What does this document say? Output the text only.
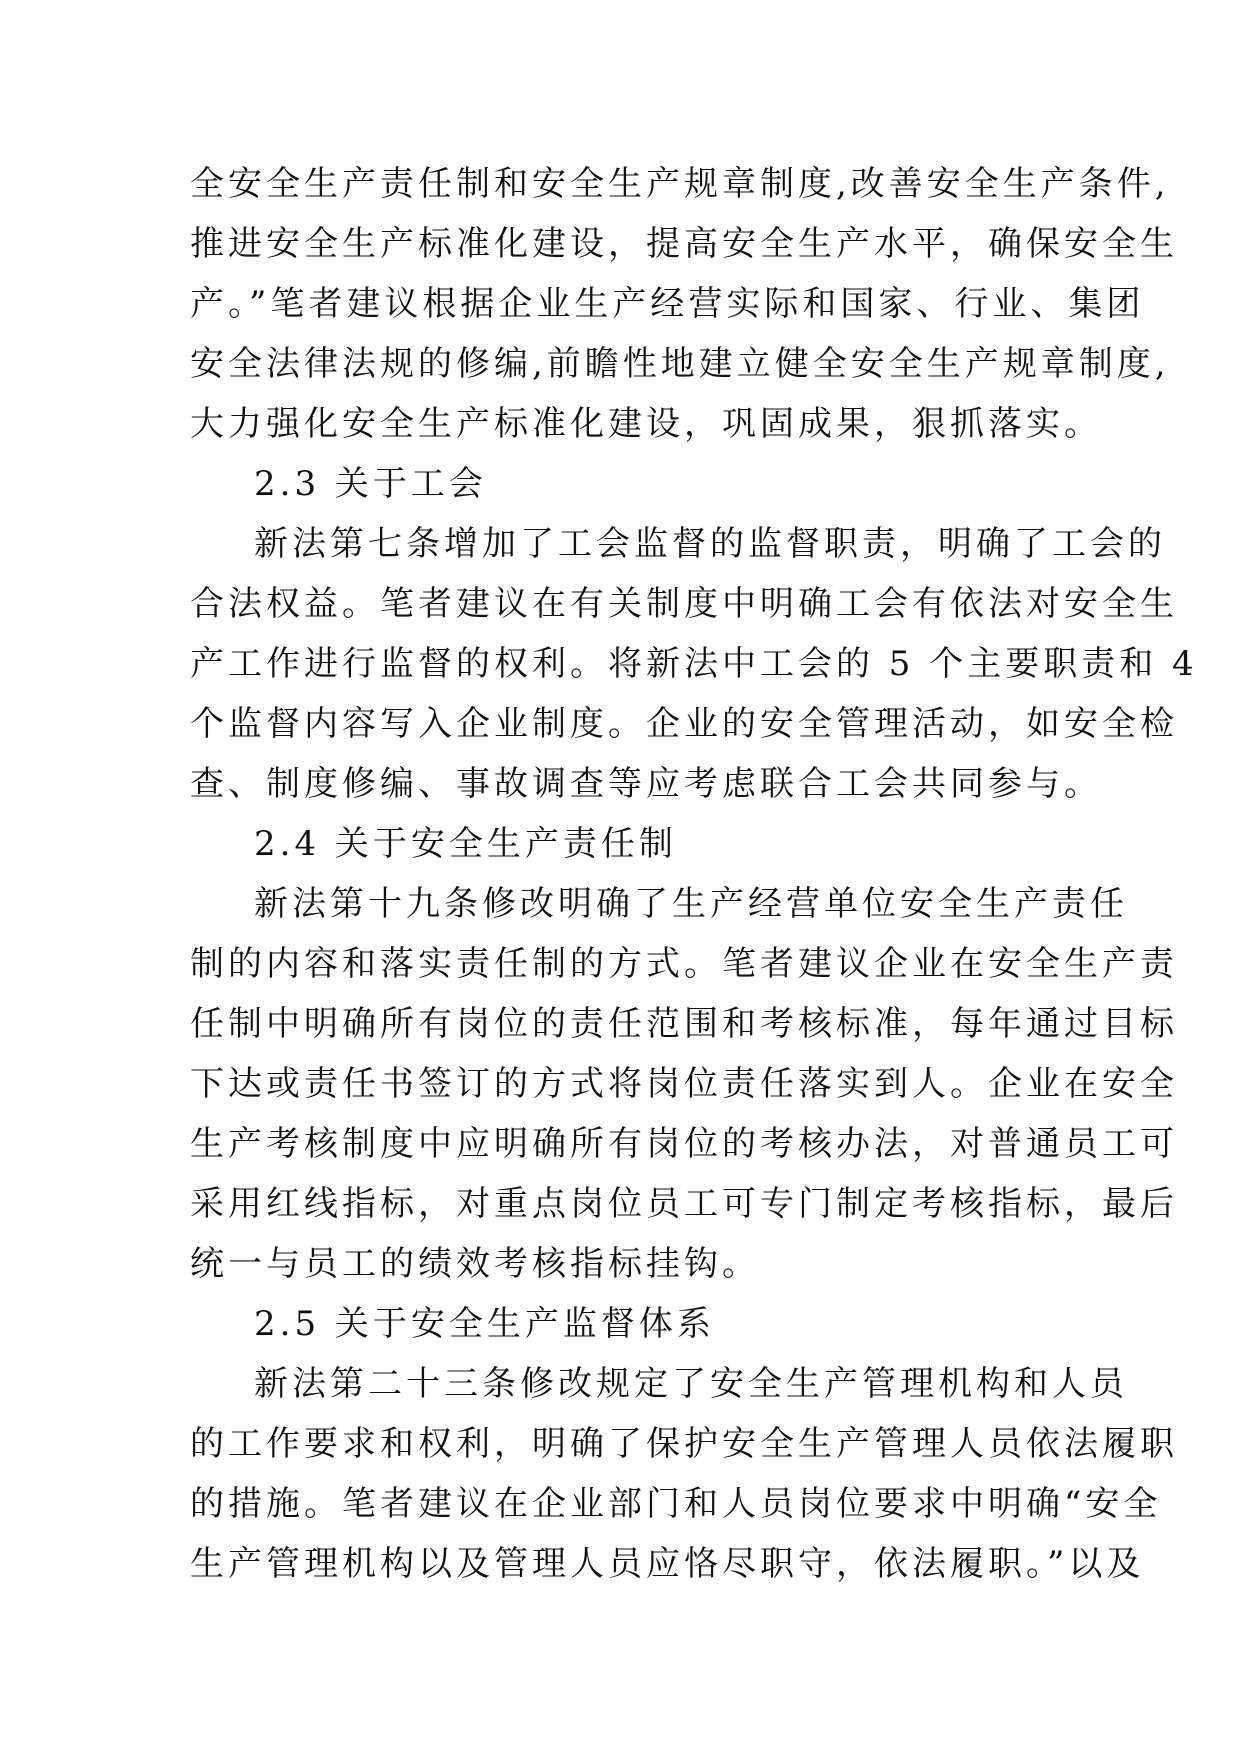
全安全生产责任制和安全生产规章制度,改善安全生产条件,
推进安全生产标准化建设，提高安全生产水平，确保安全生
产。”笔者建议根据企业生产经营实际和国家、行业、集团
安全法律法规的修编,前瞻性地建立健全安全生产规章制度,
大力强化安全生产标准化建设，巩固成果，狠抓落实。
2.3 关于工会
新法第七条增加了工会监督的监督职责，明确了工会的
合法权益。笔者建议在有关制度中明确工会有依法对安全生
产工作进行监督的权利。将新法中工会的 5 个主要职责和 4
个监督内容写入企业制度。企业的安全管理活动，如安全检
查、制度修编、事故调查等应考虑联合工会共同参与。
2.4 关于安全生产责任制
新法第十九条修改明确了生产经营单位安全生产责任
制的内容和落实责任制的方式。笔者建议企业在安全生产责
任制中明确所有岗位的责任范围和考核标准，每年通过目标
下达或责任书签订的方式将岗位责任落实到人。企业在安全
生产考核制度中应明确所有岗位的考核办法，对普通员工可
采用红线指标，对重点岗位员工可专门制定考核指标，最后
统一与员工的绩效考核指标挂钩。
2.5 关于安全生产监督体系
新法第二十三条修改规定了安全生产管理机构和人员
的工作要求和权利，明确了保护安全生产管理人员依法履职
的措施。笔者建议在企业部门和人员岗位要求中明确“安全
生产管理机构以及管理人员应恪尽职守，依法履职。”以及
